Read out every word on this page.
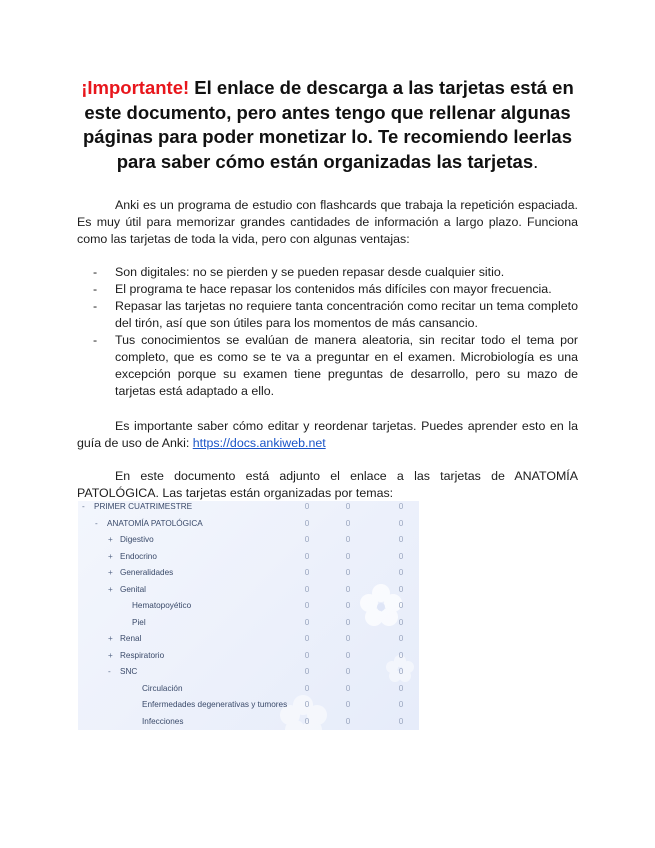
¡Importante! El enlace de descarga a las tarjetas está en este documento, pero antes tengo que rellenar algunas páginas para poder monetizar lo. Te recomiendo leerlas para saber cómo están organizadas las tarjetas.
Anki es un programa de estudio con flashcards que trabaja la repetición espaciada. Es muy útil para memorizar grandes cantidades de información a largo plazo. Funciona como las tarjetas de toda la vida, pero con algunas ventajas:
- Son digitales: no se pierden y se pueden repasar desde cualquier sitio.
- El programa te hace repasar los contenidos más difíciles con mayor frecuencia.
- Repasar las tarjetas no requiere tanta concentración como recitar un tema completo del tirón, así que son útiles para los momentos de más cansancio.
- Tus conocimientos se evalúan de manera aleatoria, sin recitar todo el tema por completo, que es como se te va a preguntar en el examen. Microbiología es una excepción porque su examen tiene preguntas de desarrollo, pero su mazo de tarjetas está adaptado a ello.
Es importante saber cómo editar y reordenar tarjetas. Puedes aprender esto en la guía de uso de Anki: https://docs.ankiweb.net
En este documento está adjunto el enlace a las tarjetas de ANATOMÍA PATOLÓGICA. Las tarjetas están organizadas por temas:
- PRIMER CUATRIMESTRE	0	0	0
- ANATOMÍA PATOLÓGICA	0	0	0
+ Digestivo	0	0	0
+ Endocrino	0	0	0
+ Generalidades	0	0	0
+ Genital	0	0	0
Hematopoyético	0	0	0
Piel	0	0	0
+ Renal	0	0	0
+ Respiratorio	0	0	0
- SNC	0	0	0
Circulación	0	0	0
Enfermedades degenerativas y tumores	0	0	0
Infecciones	0	0	0
